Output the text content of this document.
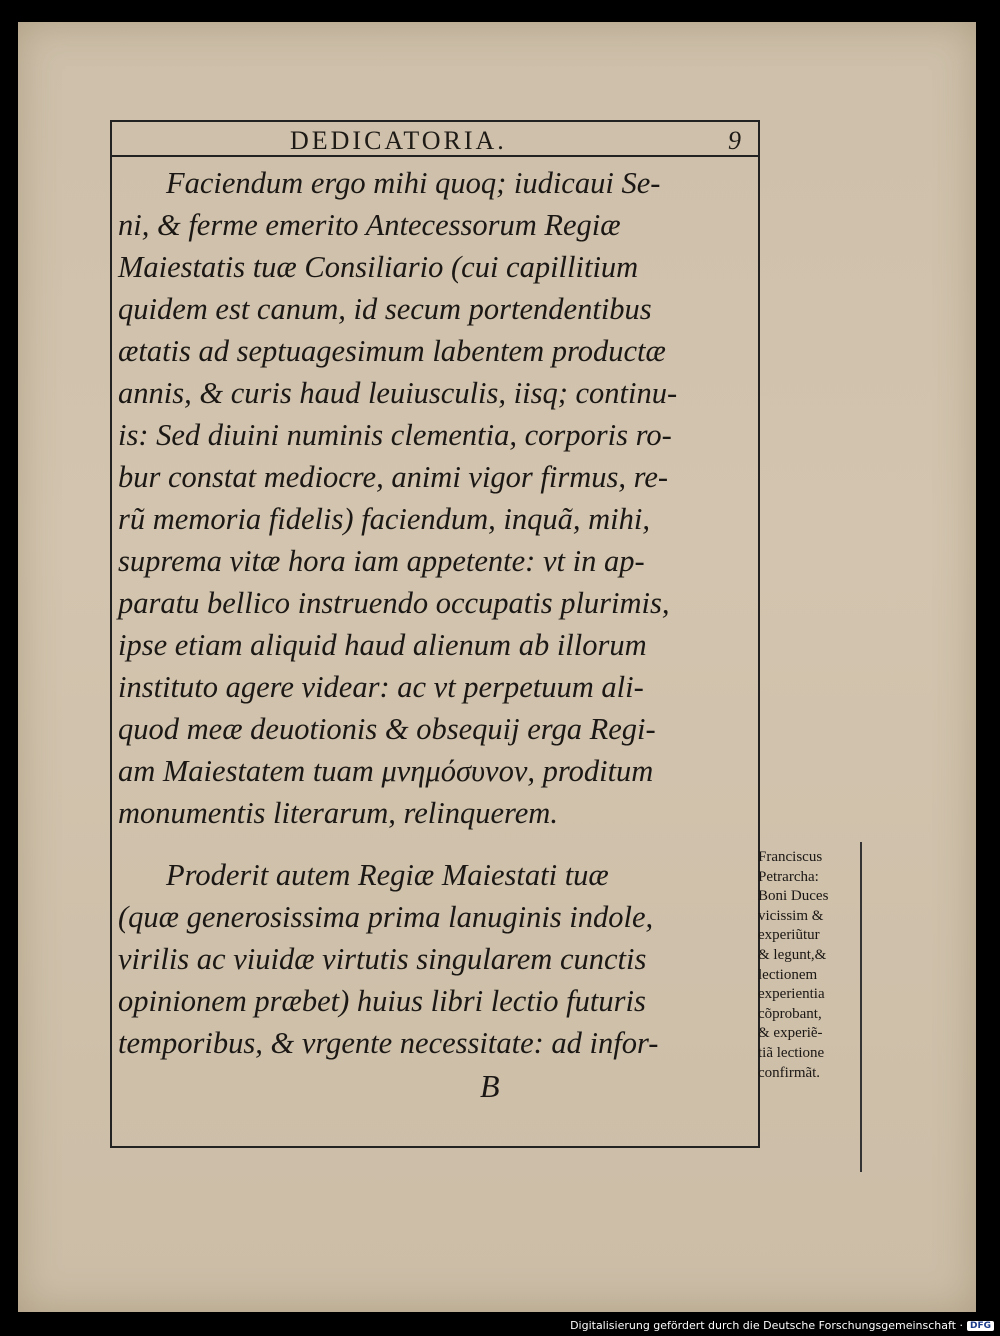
DEDICATORIA.	9
Faciendum ergo mihi quoq; iudicaui Se-
ni, & ferme emerito Antecessorum Regiæ
Maiestatis tuæ Consiliario (cui capillitium
quidem est canum, id secum portendentibus
ætatis ad septuagesimum labentem productæ
annis, & curis haud leuiusculis, iisq; continu-
is: Sed diuini numinis clementia, corporis ro-
bur constat mediocre, animi vigor firmus, re-
rũ memoria fidelis) faciendum, inquã, mihi,
suprema vitæ hora iam appetente: vt in ap-
paratu bellico instruendo occupatis plurimis,
ipse etiam aliquid haud alienum ab illorum
instituto agere videar: ac vt perpetuum ali-
quod meæ deuotionis & obsequij erga Regi-
am Maiestatem tuam μνημόσυνον, proditum
monumentis literarum, relinquerem.
Proderit autem Regiæ Maiestati tuæ
(quæ generosissima prima lanuginis indole,
virilis ac viuidæ virtutis singularem cunctis
opinionem præbet) huius libri lectio futuris
temporibus, & vrgente necessitate: ad infor-
B
Franciscus
Petrarcha:
Boni Duces
vicissim &
experiũtur
& legunt,&
lectionem
experientia
cõprobant,
& experiẽ-
tiã lectione
confirmãt.
Digitalisierung gefördert durch die Deutsche Forschungsgemeinschaft · DFG
